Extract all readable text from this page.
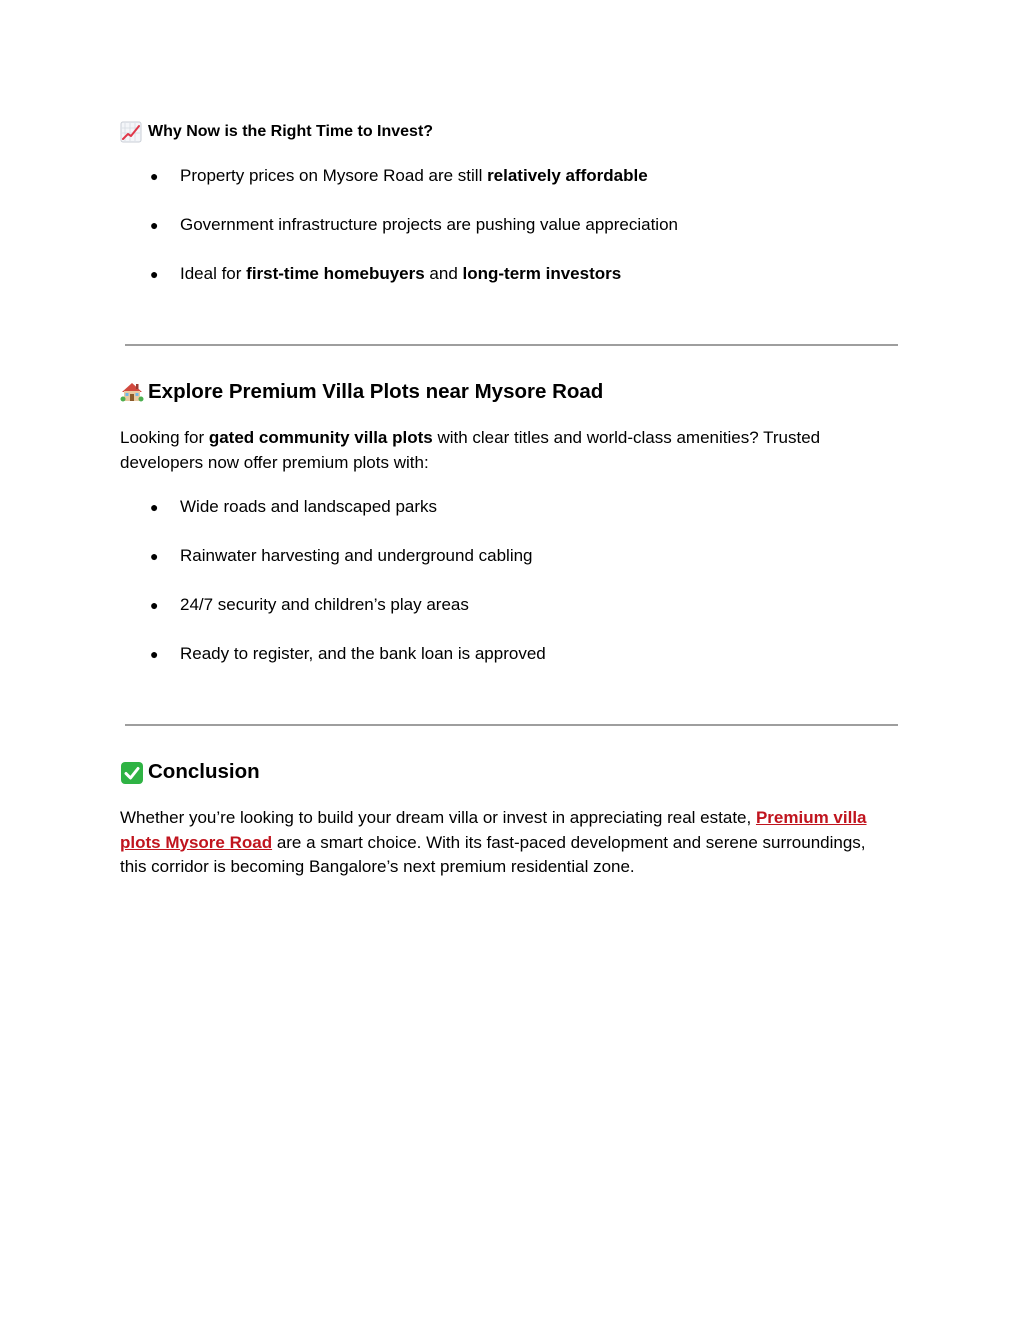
Why Now is the Right Time to Invest?
● Property prices on Mysore Road are still relatively affordable
● Government infrastructure projects are pushing value appreciation
● Ideal for first-time homebuyers and long-term investors
Explore Premium Villa Plots near Mysore Road
Looking for gated community villa plots with clear titles and world-class amenities? Trusted developers now offer premium plots with:
● Wide roads and landscaped parks
● Rainwater harvesting and underground cabling
● 24/7 security and children’s play areas
● Ready to register, and the bank loan is approved
Conclusion
Whether you’re looking to build your dream villa or invest in appreciating real estate, Premium villa plots Mysore Road are a smart choice. With its fast-paced development and serene surroundings, this corridor is becoming Bangalore’s next premium residential zone.
